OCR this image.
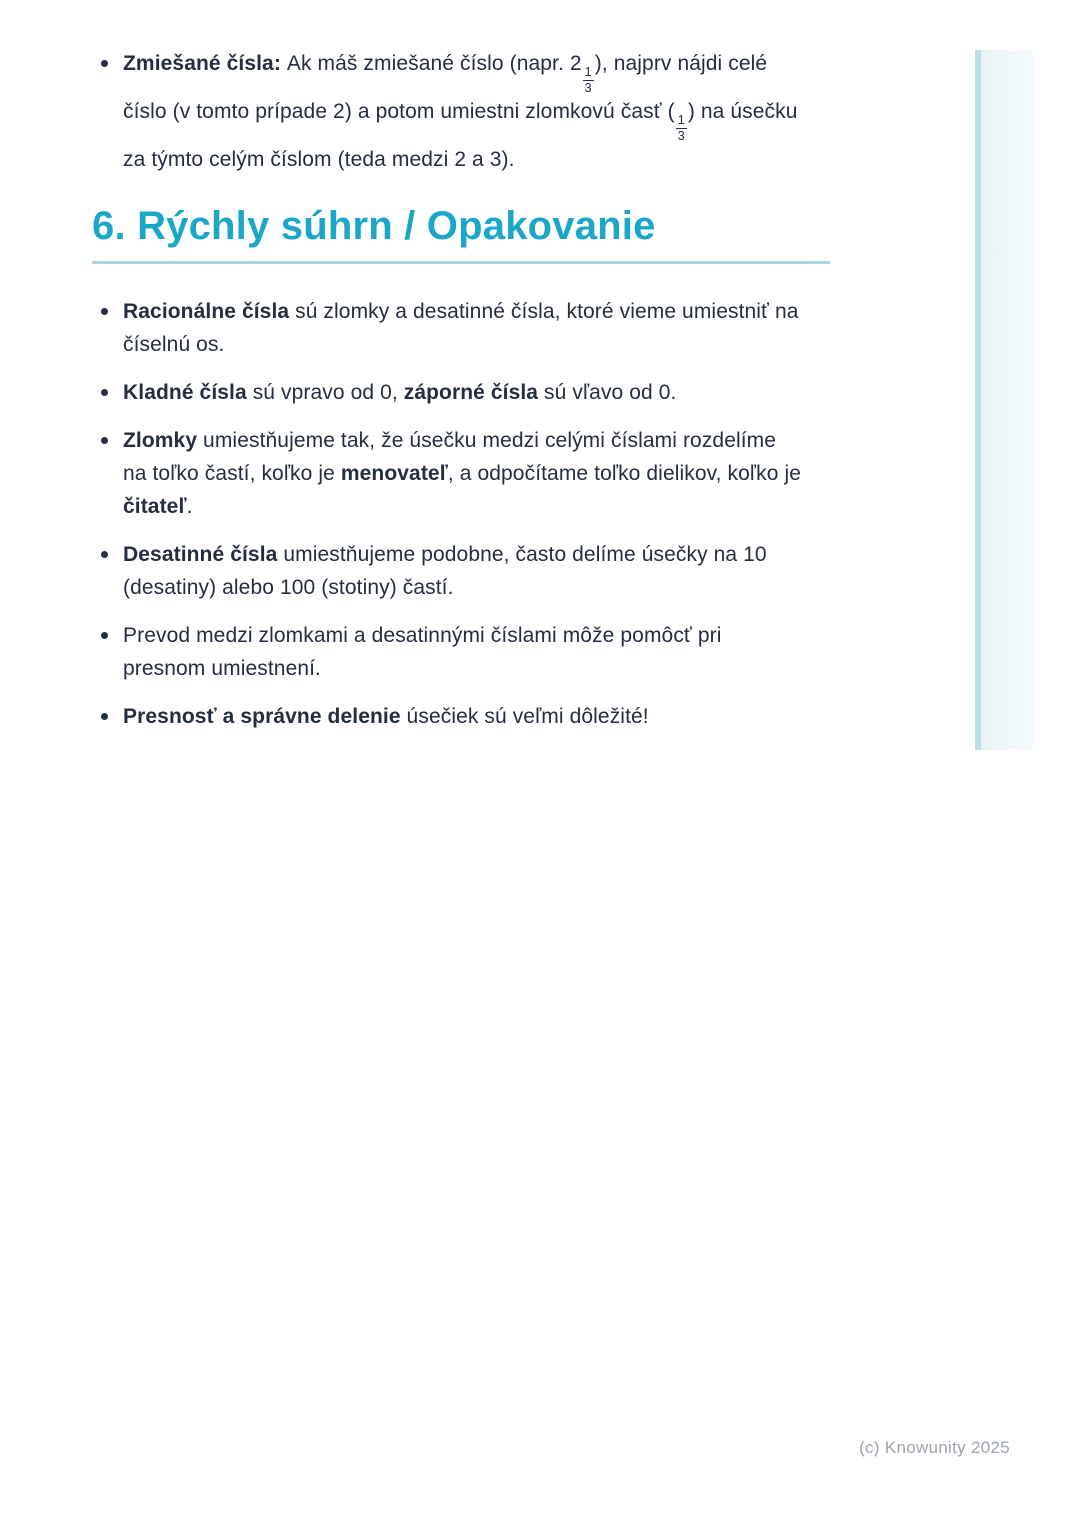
Zmiešané čísla: Ak máš zmiešané číslo (napr. 2
$\frac{1}{3}$
), najprv nájdi celé číslo (v tomto prípade 2) a potom umiestni zlomkovú časť (
$\frac{1}{3}$
) na úsečku za týmto celým číslom (teda medzi 2 a 3).
6. Rýchly súhrn / Opakovanie
Racionálne čísla sú zlomky a desatinné čísla, ktoré vieme umiestniť na číselnú os.
Kladné čísla sú vpravo od 0, záporné čísla sú vľavo od 0.
Zlomky umiestňujeme tak, že úsečku medzi celými číslami rozdelíme na toľko častí, koľko je menovateľ, a odpočítame toľko dielikov, koľko je čitateľ.
Desatinné čísla umiestňujeme podobne, často delíme úsečky na 10 (desatiny) alebo 100 (stotiny) častí.
Prevod medzi zlomkami a desatinnými číslami môže pomôcť pri presnom umiestnení.
Presnosť a správne delenie úsečiek sú veľmi dôležité!
(c) Knowunity 2025
